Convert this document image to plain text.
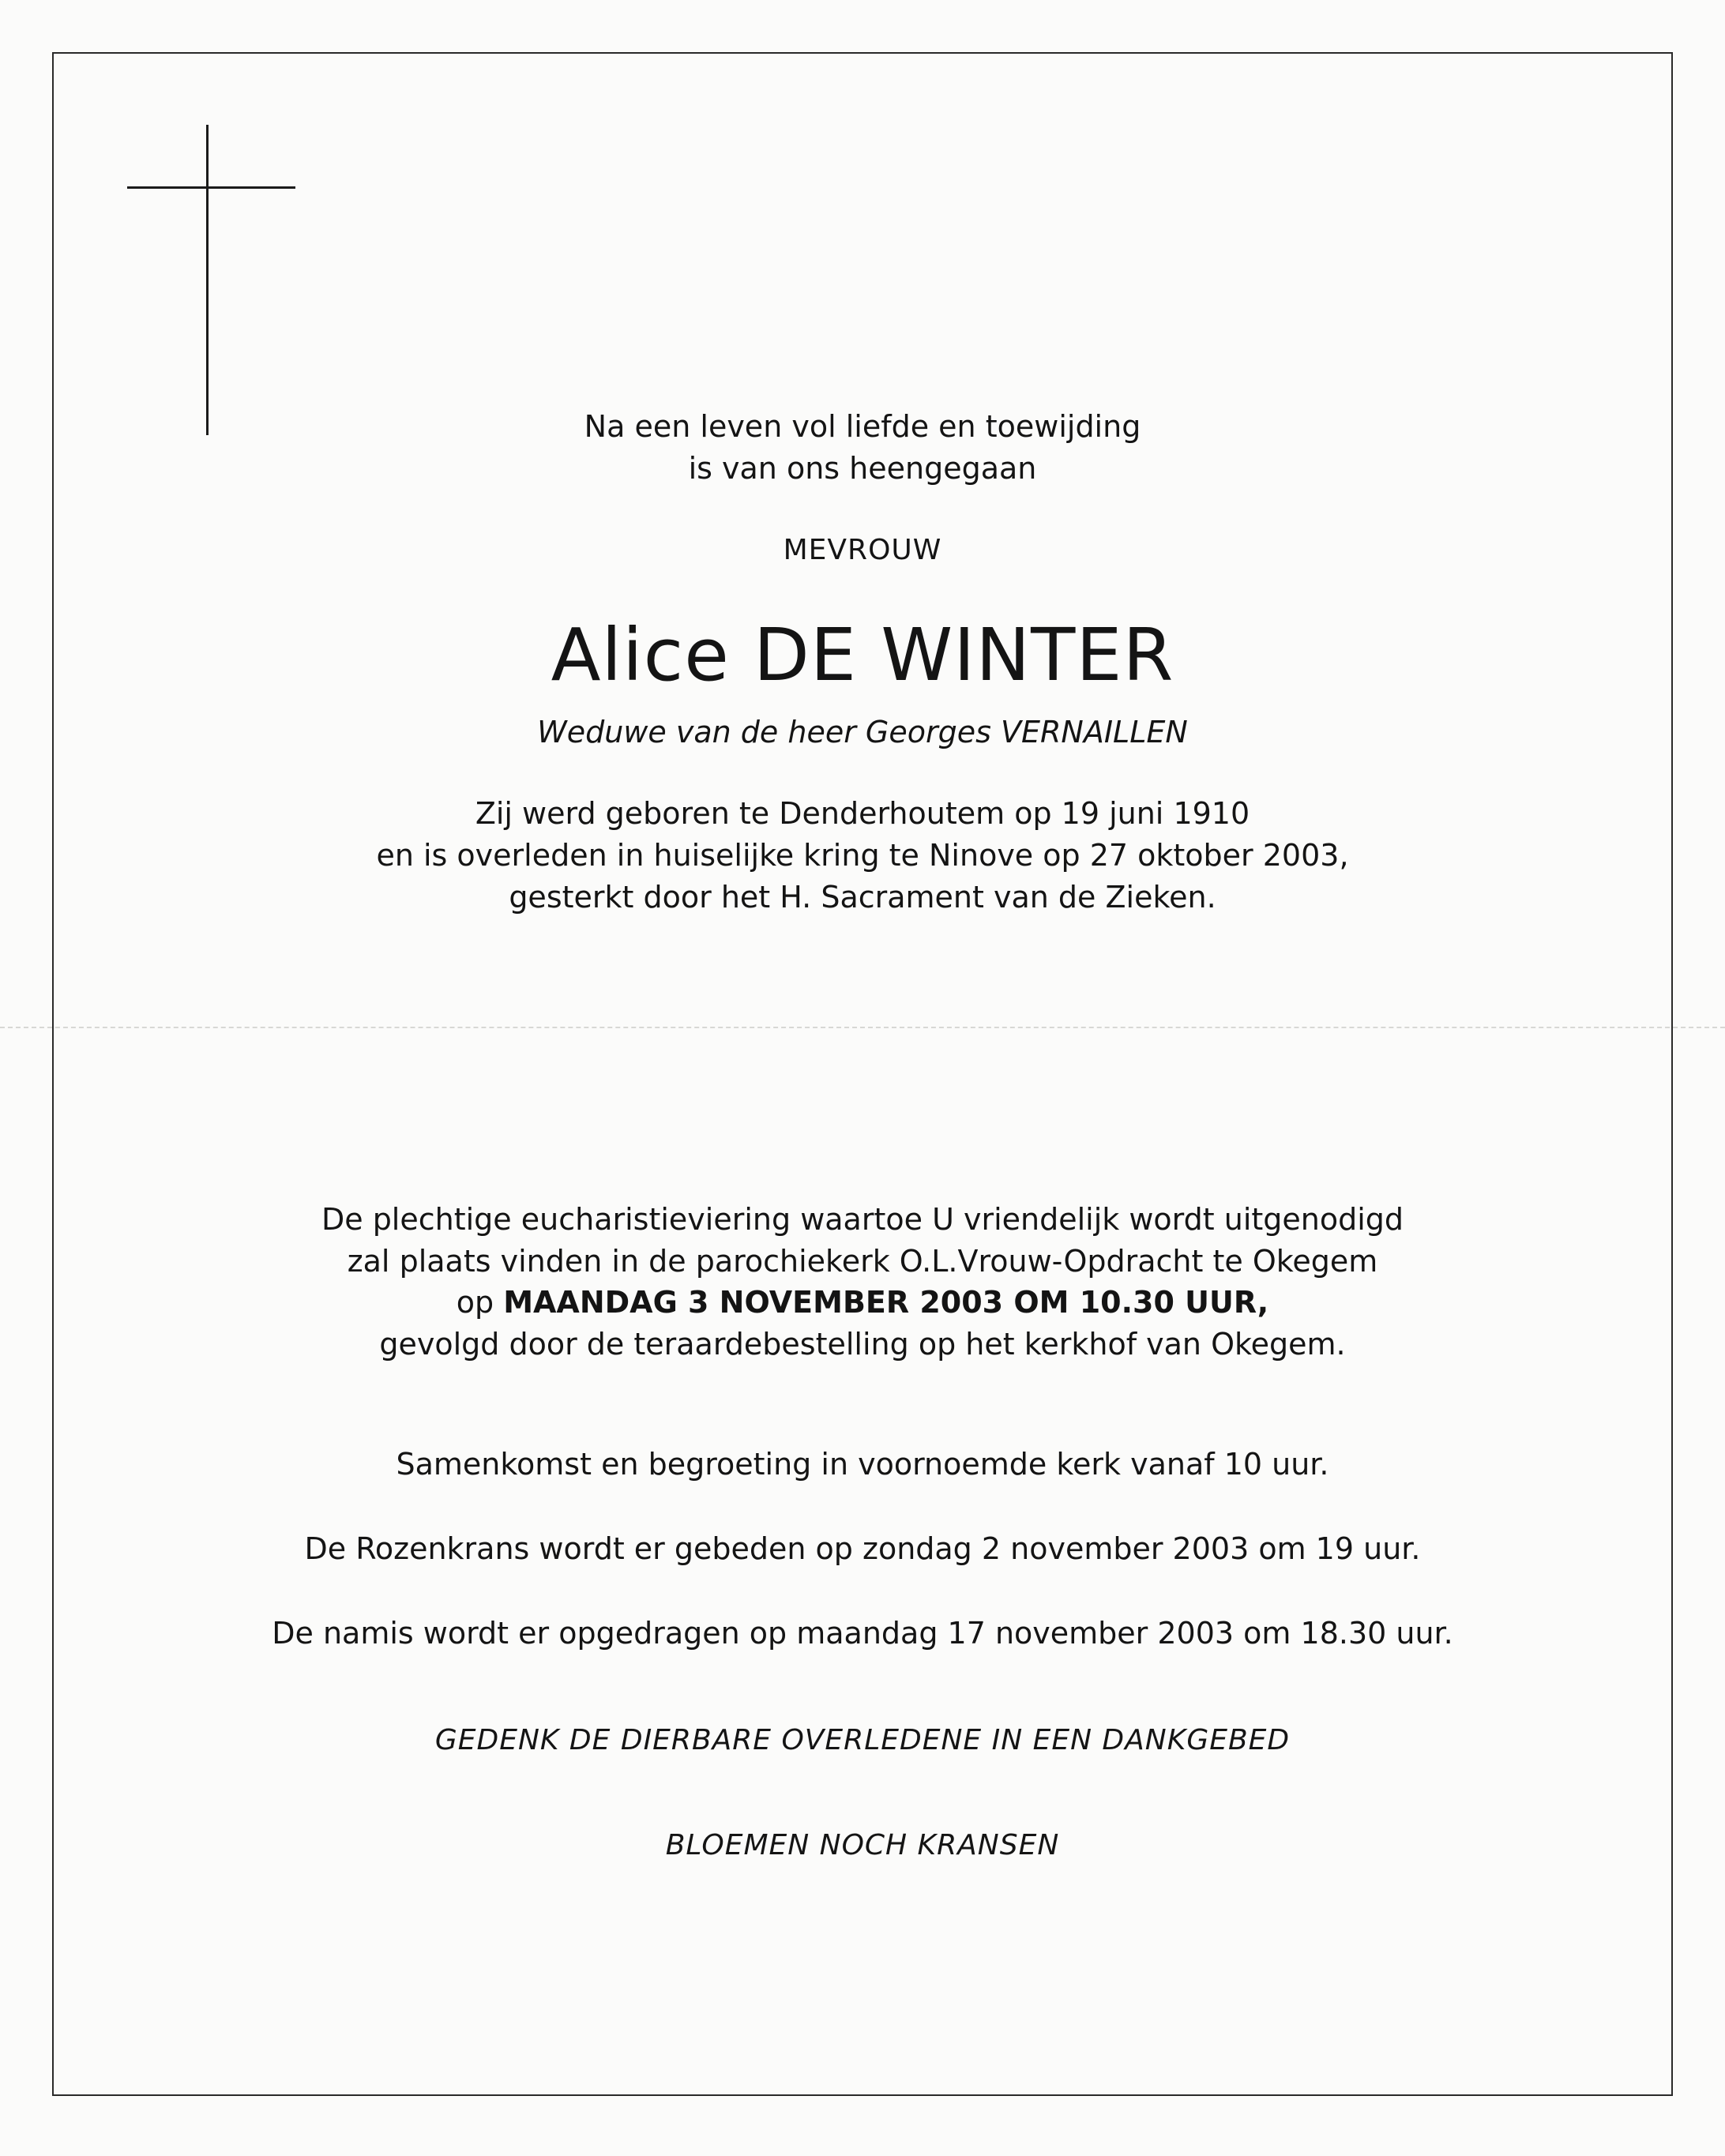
Na een leven vol liefde en toewijding
is van ons heengegaan
MEVROUW
Alice DE WINTER
Weduwe van de heer Georges VERNAILLEN
Zij werd geboren te Denderhoutem op 19 juni 1910
en is overleden in huiselijke kring te Ninove op 27 oktober 2003,
gesterkt door het H. Sacrament van de Zieken.
De plechtige eucharistieviering waartoe U vriendelijk wordt uitgenodigd
zal plaats vinden in de parochiekerk O.L.Vrouw-Opdracht te Okegem
op MAANDAG 3 NOVEMBER 2003 OM 10.30 UUR,
gevolgd door de teraardebestelling op het kerkhof van Okegem.
Samenkomst en begroeting in voornoemde kerk vanaf 10 uur.
De Rozenkrans wordt er gebeden op zondag 2 november 2003 om 19 uur.
De namis wordt er opgedragen op maandag 17 november 2003 om 18.30 uur.
GEDENK DE DIERBARE OVERLEDENE IN EEN DANKGEBED
BLOEMEN NOCH KRANSEN
